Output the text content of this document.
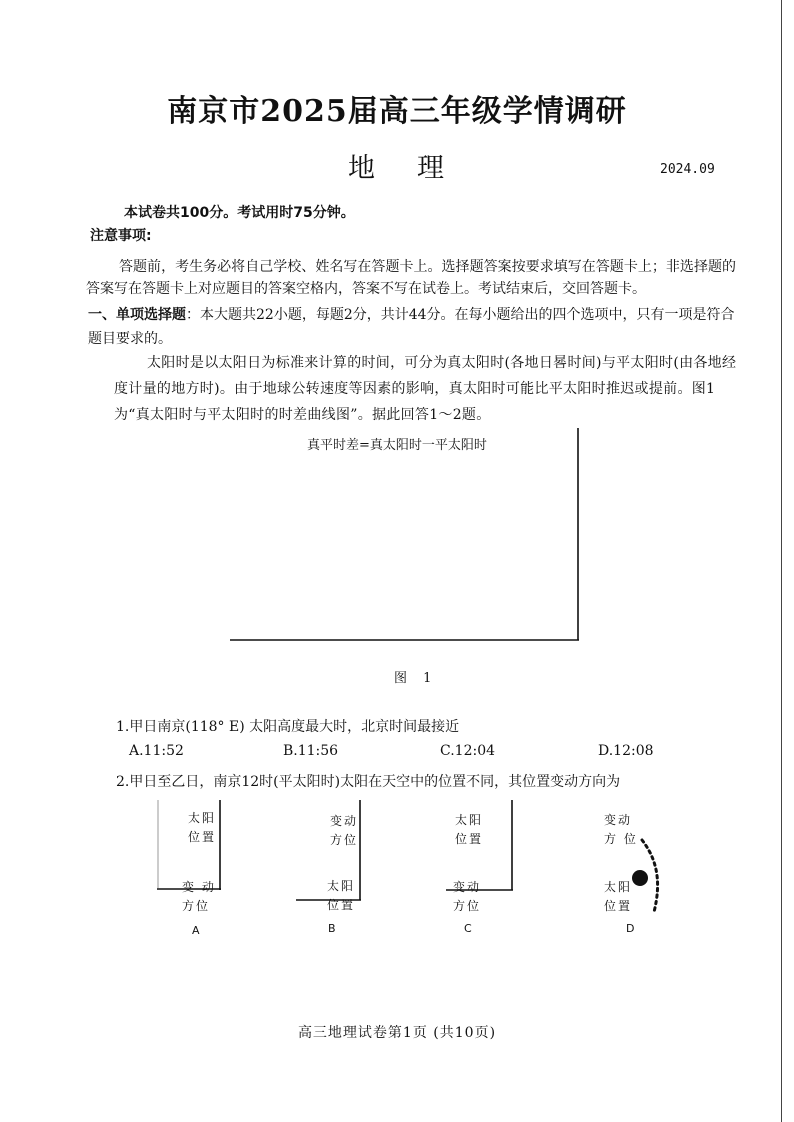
南京市2025届高三年级学情调研
地理	2024.09
本试卷共100分。考试用时75分钟。
注意事项:
答题前，考生务必将自己学校、姓名写在答题卡上。选择题答案按要求填写在答题卡上；非选择题的答案写在答题卡上对应题目的答案空格内，答案不写在试卷上。考试结束后，交回答题卡。
一、单项选择题：本大题共22小题，每题2分，共计44分。在每小题给出的四个选项中，只有一项是符合题目要求的。
太阳时是以太阳日为标准来计算的时间，可分为真太阳时(各地日晷时间)与平太阳时(由各地经度计量的地方时)。由于地球公转速度等因素的影响，真太阳时可能比平太阳时推迟或提前。图1为“真太阳时与平太阳时的时差曲线图”。据此回答1～2题。
真平时差=真太阳时一平太阳时
图 1
1.甲日南京(118° E) 太阳高度最大时，北京时间最接近
A.11:52	B.11:56	C.12:04	D.12:08
2.甲日至乙日，南京12时(平太阳时)太阳在天空中的位置不同，其位置变动方向为
太阳
位置
变 动
方位
A
变动
方位
太阳
位置
B
太阳
位置
变动
方位
C
变动
方 位
太阳
位置
D
高三地理试卷第1页 (共10页)
